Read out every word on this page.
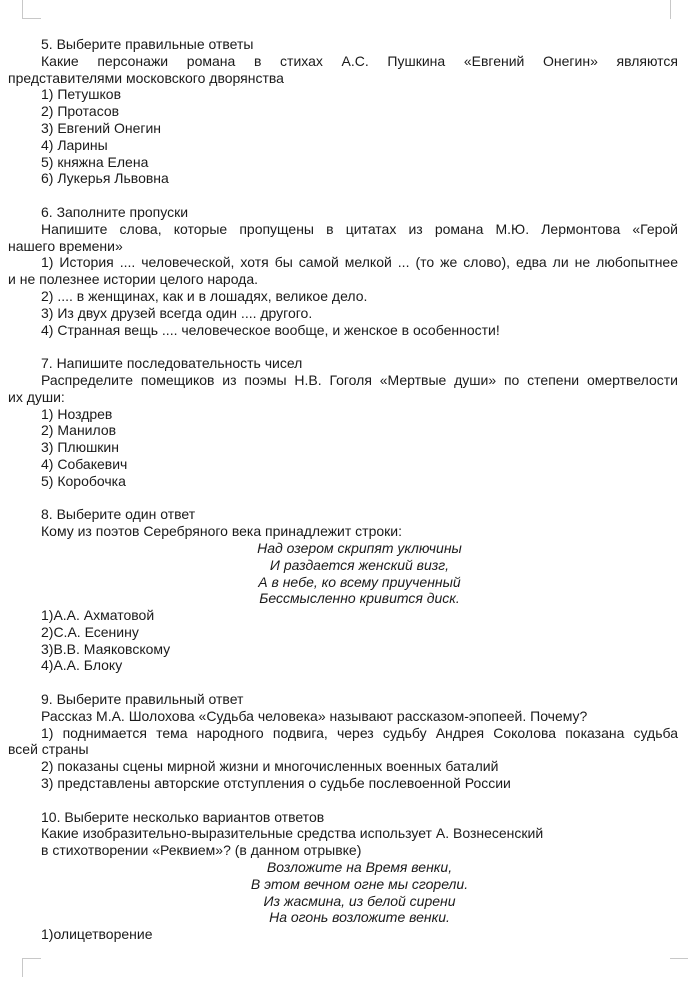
5. Выберите правильные ответы
Какие персонажи романа в стихах А.С. Пушкина «Евгений Онегин» являются
представителями московского дворянства
1) Петушков
2) Протасов
3) Евгений Онегин
4) Ларины
5) княжна Елена
6) Лукерья Львовна
6. Заполните пропуски
Напишите слова, которые пропущены в цитатах из романа М.Ю. Лермонтова «Герой
нашего времени»
1) История .... человеческой, хотя бы самой мелкой ... (то же слово), едва ли не любопытнее
и не полезнее истории целого народа.
2) .... в женщинах, как и в лошадях, великое дело.
3) Из двух друзей всегда один .... другого.
4) Странная вещь .... человеческое вообще, и женское в особенности!
7. Напишите последовательность чисел
Распределите помещиков из поэмы Н.В. Гоголя «Мертвые души» по степени омертвелости
их души:
1) Ноздрев
2) Манилов
3) Плюшкин
4) Собакевич
5) Коробочка
8. Выберите один ответ
Кому из поэтов Серебряного века принадлежит строки:
Над озером скрипят уключины
И раздается женский визг,
А в небе, ко всему приученный
Бессмысленно кривится диск.
1)А.А. Ахматовой
2)С.А. Есенину
3)В.В. Маяковскому
4)А.А. Блоку
9. Выберите правильный ответ
Рассказ М.А. Шолохова «Судьба человека» называют рассказом-эпопеей. Почему?
1) поднимается тема народного подвига, через судьбу Андрея Соколова показана судьба
всей страны
2) показаны сцены мирной жизни и многочисленных военных баталий
3) представлены авторские отступления о судьбе послевоенной России
10. Выберите несколько вариантов ответов
Какие изобразительно-выразительные средства использует А. Вознесенский
в стихотворении «Реквием»? (в данном отрывке)
Возложите на Время венки,
В этом вечном огне мы сгорели.
Из жасмина, из белой сирени
На огонь возложите венки.
1)олицетворение
